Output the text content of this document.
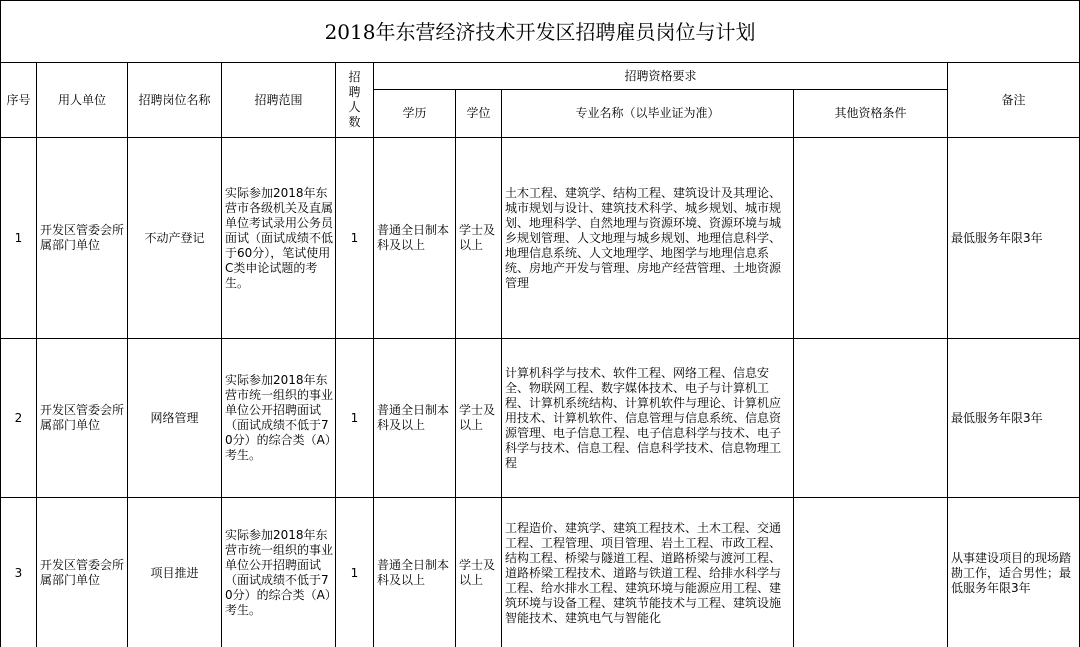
2018年东营经济技术开发区招聘雇员岗位与计划									
序号	用人单位	招聘岗位名称	招聘范围	招聘人数	招聘资格要求				备注
					学历	学位	专业名称（以毕业证为准）	其他资格条件	
1	开发区管委会所属部门单位	不动产登记	实际参加2018年东营市各级机关及直属单位考试录用公务员面试（面试成绩不低于60分），笔试使用C类申论试题的考生。	1	普通全日制本科及以上	学士及以上	土木工程、建筑学、结构工程、建筑设计及其理论、城市规划与设计、建筑技术科学、城乡规划、城市规划、地理科学、自然地理与资源环境、资源环境与城乡规划管理、人文地理与城乡规划、地理信息科学、地理信息系统、人文地理学、地图学与地理信息系统、房地产开发与管理、房地产经营管理、土地资源管理		最低服务年限3年
2	开发区管委会所属部门单位	网络管理	实际参加2018年东营市统一组织的事业单位公开招聘面试（面试成绩不低于70分）的综合类（A）考生。	1	普通全日制本科及以上	学士及以上	计算机科学与技术、软件工程、网络工程、信息安全、物联网工程、数字媒体技术、电子与计算机工程、计算机系统结构、计算机软件与理论、计算机应用技术、计算机软件、信息管理与信息系统、信息资源管理、电子信息工程、电子信息科学与技术、电子科学与技术、信息工程、信息科学技术、信息物理工程		最低服务年限3年
3	开发区管委会所属部门单位	项目推进	实际参加2018年东营市统一组织的事业单位公开招聘面试（面试成绩不低于70分）的综合类（A）考生。	1	普通全日制本科及以上	学士及以上	工程造价、建筑学、建筑工程技术、土木工程、交通工程、工程管理、项目管理、岩土工程、市政工程、结构工程、桥梁与隧道工程、道路桥梁与渡河工程、道路桥梁工程技术、道路与铁道工程、给排水科学与工程、给水排水工程、建筑环境与能源应用工程、建筑环境与设备工程、建筑节能技术与工程、建筑设施智能技术、建筑电气与智能化		从事建设项目的现场踏勘工作，适合男性；最低服务年限3年
